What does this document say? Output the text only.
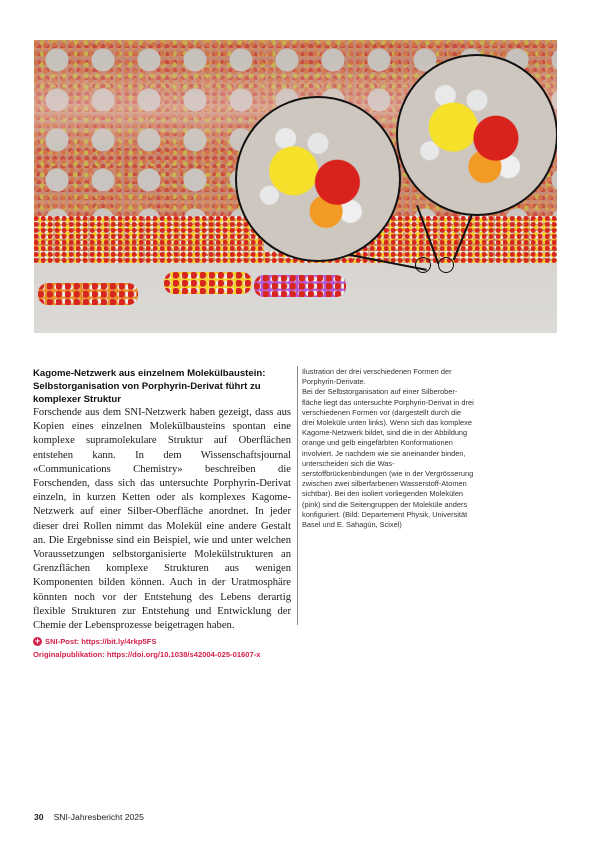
Kagome-Netzwerk aus einzelnem Molekülbaustein: Selbstorganisation von Porphyrin-Derivat führt zu komplexer Struktur

Forschende aus dem SNI-Netzwerk haben gezeigt, dass aus Kopien eines einzelnen Molekülbausteins spontan eine komplexe supramolekulare Struktur auf Oberflächen entstehen kann. In dem Wissenschaftsjournal «Communications Chemistry» beschreiben die Forschenden, dass sich das untersuchte Porphyrin-Derivat einzeln, in kurzen Ketten oder als komplexes Kagome-Netzwerk auf einer Silber-Oberfläche anordnet. In jeder dieser drei Rollen nimmt das Molekül eine andere Gestalt an. Die Ergebnisse sind ein Beispiel, wie und unter welchen Voraussetzungen selbstorganisierte Molekülstrukturen an Grenzflächen komplexe Strukturen aus wenigen Komponenten bilden können. Auch in der Uratmosphäre könnten noch vor der Entstehung des Lebens derartig flexible Strukturen zur Entstehung und Entwicklung der Chemie der Lebensprozesse beigetragen haben.

+ SNI-Post: https://bit.ly/4rkp5FS
Originalpublikation: https://doi.org/10.1038/s42004-025-01607-x
Ilustration der drei verschiedenen Formen der Porphyrin-Derivate.
Bei der Selbstorganisation auf einer Silberoberfläche liegt das untersuchte Porphyrin-Derivat in drei verschiedenen Formen vor (dargestellt durch die drei Moleküle unten links). Wenn sich das komplexe Kagome-Netzwerk bildet, sind die in der Abbildung orange und gelb eingefärbten Konformationen involviert. Je nachdem wie sie aneinander binden, unterscheiden sich die Wasserstoffbrückenbindungen (wie in der Vergrösserung zwischen zwei silberfarbenen Wasserstoff-Atomen sichtbar). Bei den isoliert vorliegenden Molekülen (pink) sind die Seitengruppen der Moleküle anders konfiguriert. (Bild: Departement Physik, Universität Basel und E. Sahagún, Scixel)
30 SNI-Jahresbericht 2025
